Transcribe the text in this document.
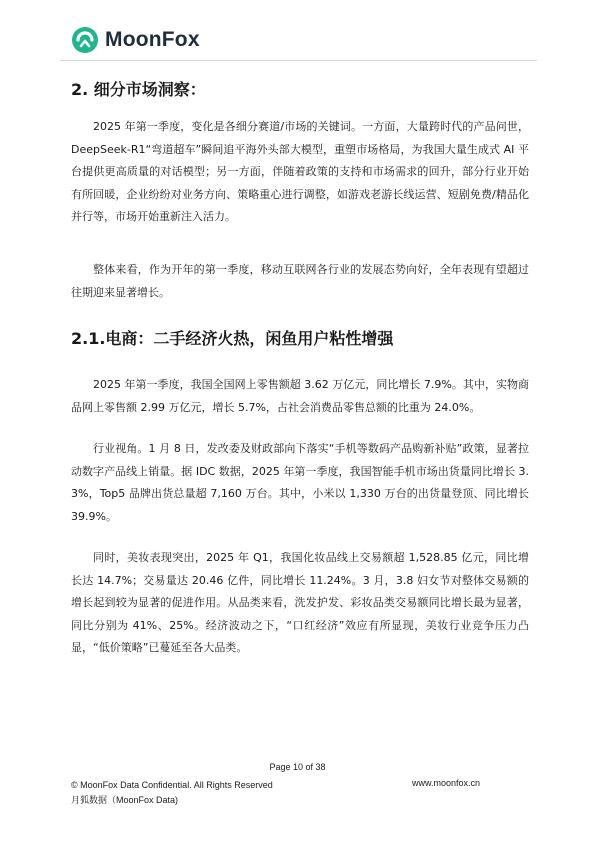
MoonFox
2. 细分市场洞察：

2025 年第一季度，变化是各细分赛道/市场的关键词。一方面，大量跨时代的产品问世，DeepSeek-R1“弯道超车”瞬间追平海外头部大模型，重塑市场格局，为我国大量生成式 AI 平台提供更高质量的对话模型；另一方面，伴随着政策的支持和市场需求的回升，部分行业开始有所回暖，企业纷纷对业务方向、策略重心进行调整，如游戏老游长线运营、短剧免费/精品化并行等，市场开始重新注入活力。

整体来看，作为开年的第一季度，移动互联网各行业的发展态势向好，全年表现有望超过往期迎来显著增长。

2.1.电商：二手经济火热，闲鱼用户粘性增强

2025 年第一季度，我国全国网上零售额超 3.62 万亿元，同比增长 7.9%。其中，实物商品网上零售额 2.99 万亿元，增长 5.7%，占社会消费品零售总额的比重为 24.0%。

行业视角。1 月 8 日，发改委及财政部向下落实“手机等数码产品购新补贴”政策，显著拉动数字产品线上销量。据 IDC 数据，2025 年第一季度，我国智能手机市场出货量同比增长 3.3%，Top5 品牌出货总量超 7,160 万台。其中，小米以 1,330 万台的出货量登顶、同比增长 39.9%。

同时，美妆表现突出，2025 年 Q1，我国化妆品线上交易额超 1,528.85 亿元，同比增长达 14.7%；交易量达 20.46 亿件，同比增长 11.24%。3 月，3.8 妇女节对整体交易额的增长起到较为显著的促进作用。从品类来看，洗发护发、彩妆品类交易额同比增长最为显著，同比分别为 41%、25%。经济波动之下，“口红经济”效应有所显现，美妆行业竞争压力凸显，“低价策略”已蔓延至各大品类。

Page 10 of 38
© MoonFox Data Confidential. All Rights Reserved
月狐数据（MoonFox Data)
www.moonfox.cn
